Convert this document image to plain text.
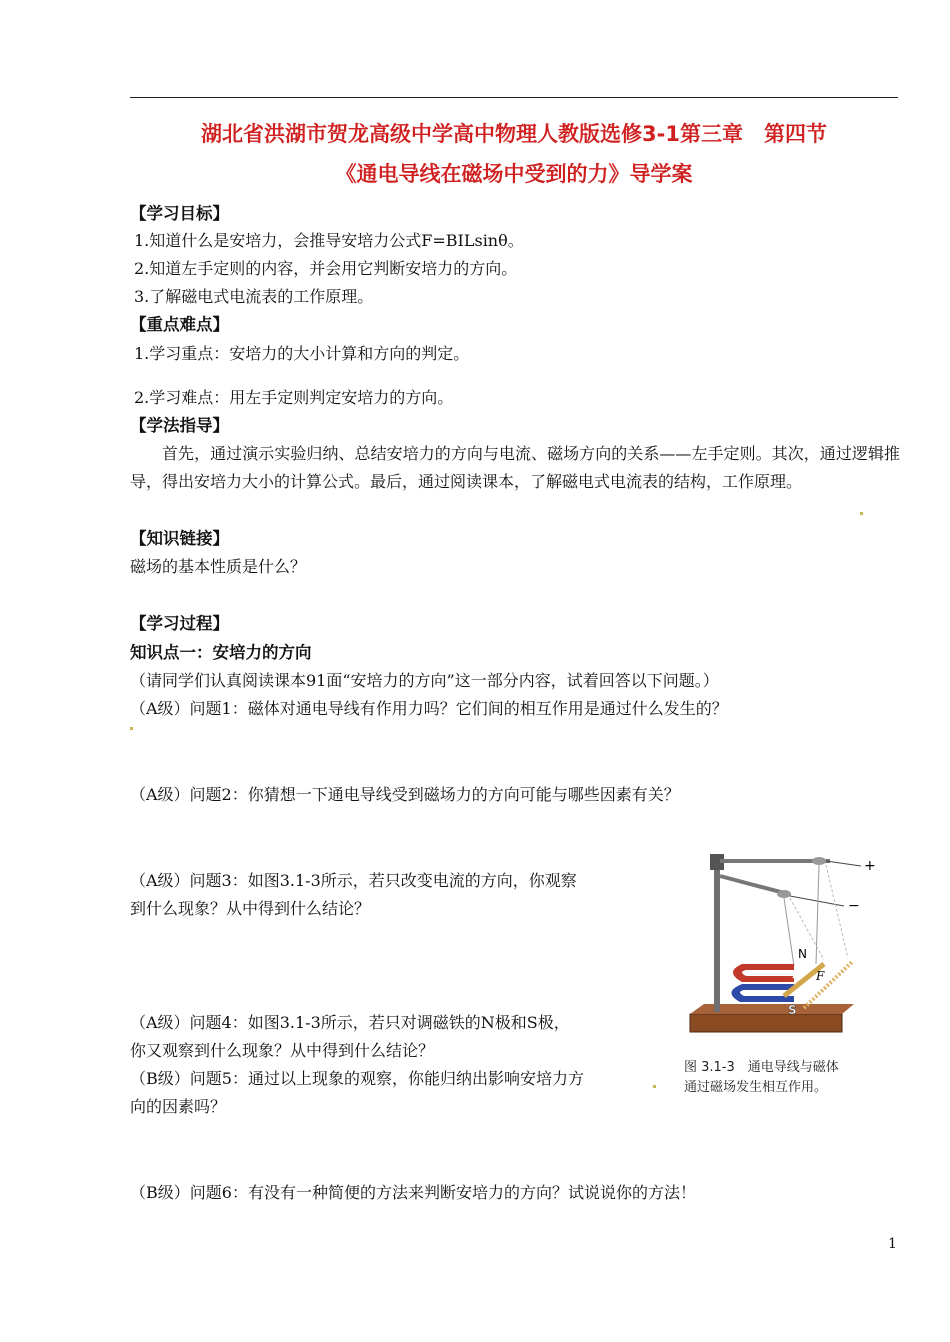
湖北省洪湖市贺龙高级中学高中物理人教版选修3-1第三章　第四节
《通电导线在磁场中受到的力》导学案
【学习目标】
1.知道什么是安培力，会推导安培力公式F=BILsinθ。
2.知道左手定则的内容，并会用它判断安培力的方向。
3.了解磁电式电流表的工作原理。
【重点难点】
1.学习重点：安培力的大小计算和方向的判定。
2.学习难点：用左手定则判定安培力的方向。
【学法指导】
首先，通过演示实验归纳、总结安培力的方向与电流、磁场方向的关系——左手定则。其次，通过逻辑推导，得出安培力大小的计算公式。最后，通过阅读课本，了解磁电式电流表的结构，工作原理。
【知识链接】
磁场的基本性质是什么？
【学习过程】
知识点一：安培力的方向
（请同学们认真阅读课本91面“安培力的方向”这一部分内容，试着回答以下问题。）
（A级）问题1：磁体对通电导线有作用力吗？它们间的相互作用是通过什么发生的？
（A级）问题2：你猜想一下通电导线受到磁场力的方向可能与哪些因素有关？
（A级）问题3：如图3.1-3所示，若只改变电流的方向，你观察
到什么现象？从中得到什么结论？
（A级）问题4：如图3.1-3所示，若只对调磁铁的N极和S极，
你又观察到什么现象？从中得到什么结论？
（B级）问题5：通过以上现象的观察，你能归纳出影响安培力方
向的因素吗？
（B级）问题6：有没有一种简便的方法来判断安培力的方向？试说说你的方法！
+
−
N
S
F
I
图 3.1-3　通电导线与磁体
通过磁场发生相互作用。
1
